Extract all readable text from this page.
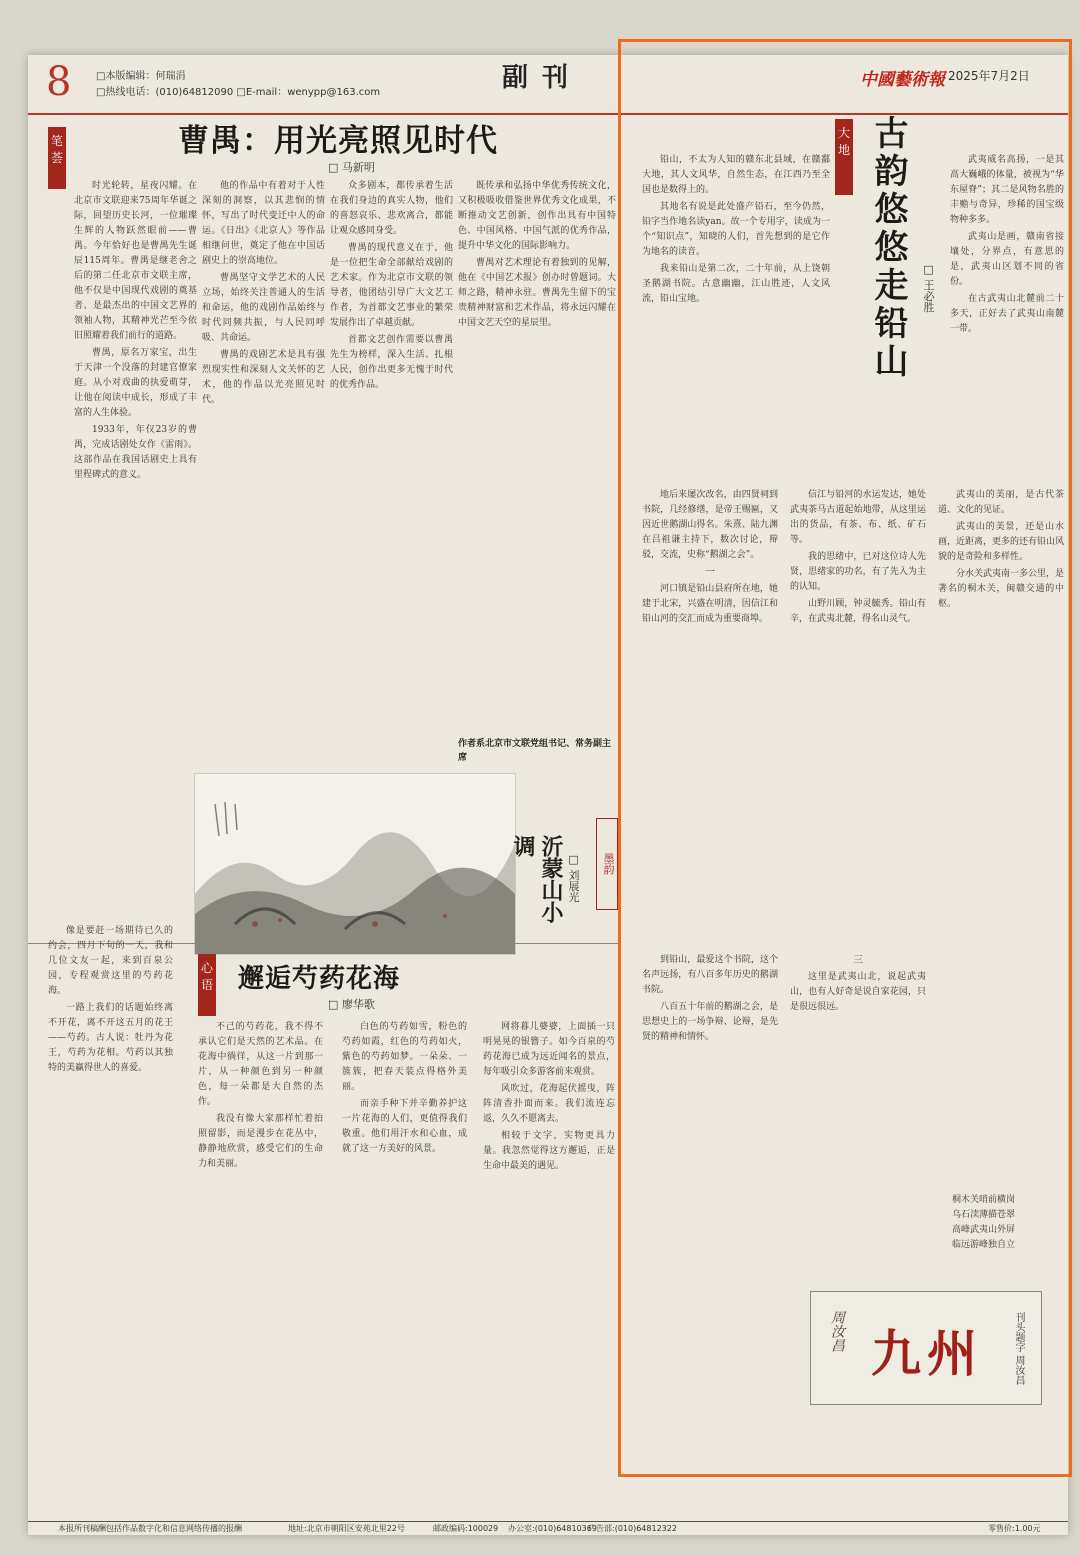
8 □本版编辑：何瑞涓
□热线电话：(010)64812090 □E-mail：wenypp@163.com	副刊	中國藝術報 2025年7月2日
笔荟	曹禺：用光亮照见时代
□ 马新明

时光轮转，星夜闪耀。在北京市文联迎来75周年华诞之际，回望历史长河，一位璀璨生辉的人物跃然眼前——曹禺。今年恰好也是曹禺先生诞辰115周年。曹禺是继老舍之后的第二任北京市文联主席，他不仅是中国现代戏剧的奠基者、是最杰出的中国文艺界的领袖人物，其精神光芒至今依旧照耀着我们前行的道路。

曹禺，原名万家宝，出生于天津一个没落的封建官僚家庭。从小对戏曲的执爱萌芽，让他在阅读中成长，形成了丰富的人生体验。

1933年，年仅23岁的曹禺，完成话剧处女作《雷雨》。这部作品在我国话剧史上具有里程碑式的意义。

他的作品中有着对于人性深刻的洞察，以其悲悯的情怀，写出了时代变迁中人的命运。《日出》《北京人》等作品相继问世，奠定了他在中国话剧史上的崇高地位。

曹禺坚守文学艺术的人民立场，始终关注普通人的生活和命运，他的戏剧作品始终与时代同频共振，与人民同呼吸、共命运。

曹禺的戏剧艺术是具有强烈现实性和深刻人文关怀的艺术，他的作品以光亮照见时代。

众多剧本，都传承着生活在我们身边的真实人物，他们的喜怒哀乐、悲欢离合，都能让观众感同身受。

曹禺的现代意义在于，他是一位把生命全部献给戏剧的艺术家。作为北京市文联的领导者，他团结引导广大文艺工作者，为首都文艺事业的繁荣发展作出了卓越贡献。

首都文艺创作需要以曹禺先生为榜样，深入生活、扎根人民，创作出更多无愧于时代的优秀作品。

既传承和弘扬中华优秀传统文化，又积极吸收借鉴世界优秀文化成果，不断推动文艺创新，创作出具有中国特色、中国风格、中国气派的优秀作品，提升中华文化的国际影响力。

曹禺对艺术理论有着独到的见解，他在《中国艺术报》创办时曾题词。大师之路，精神永驻。曹禺先生留下的宝贵精神财富和艺术作品，将永远闪耀在中国文艺天空的星辰里。

作者系北京市文联党组书记、常务副主席
沂蒙山小调
□ 刘展光	墨韵
心语 邂逅芍药花海
□ 廖华歌

像是要赶一场期待已久的约会，四月下旬的一天，我和几位文友一起，来到百泉公园，专程观赏这里的芍药花海。

一路上我们的话题始终离不开花，离不开这五月的花王——芍药。古人说：牡丹为花王，芍药为花相。芍药以其独特的美赢得世人的喜爱。

不己的芍药花，我不得不承认它们是天然的艺术品。在花海中徜徉，从这一片到那一片，从一种颜色到另一种颜色，每一朵都是大自然的杰作。

我没有像大家那样忙着拍照留影，而是漫步在花丛中，静静地欣赏，感受它们的生命力和美丽。

白色的芍药如雪，粉色的芍药如霞，红色的芍药如火，紫色的芍药如梦。一朵朵、一簇簇，把春天装点得格外美丽。

而亲手种下并辛勤养护这一片花海的人们，更值得我们敬重。他们用汗水和心血，成就了这一方美好的风景。

网将暮儿婆婆，上面插一只明晃晃的银簪子。如今百泉的芍药花海已成为远近闻名的景点，每年吸引众多游客前来观赏。

风吹过，花海起伏摇曳，阵阵清香扑面而来。我们流连忘返，久久不愿离去。

相较于文字，实物更具力量。我忽然觉得这方邂逅，正是生命中最美的遇见。

铅山，不太为人知的赣东北县域，在赣鄱大地，其人文风华，自然生态，在江西乃至全国也是数得上的。

其地名有说是此处盛产铅石，至今仍然，铅字当作地名读yan。故一个专用字，读成为一个“知识点”，知晓的人们，首先想到的是它作为地名的读音。

我来铅山是第二次，二十年前，从上饶朝圣鹅湖书院。古意幽幽，江山胜迹，人文风流，铅山宝地。

大地 古韵悠悠走铅山 □ 王必胜

武夷威名高扬，一是其高大巍峨的体量，被视为“华东屋脊”；其二是风物名胜的丰赡与奇异，珍稀的国宝级物种多多。

武夷山是画，赣南省接壤处，分界点，有意思的是，武夷山区划不同的省份。

在古武夷山北麓前二十多天，正好去了武夷山南麓一带。

地后来屡次改名，由四贤祠到书院，几经修缮，是帝王赐匾，又因近世鹅湖山得名。朱熹、陆九渊在吕祖谦主持下，数次讨论，辩驳，交流，史称“鹅湖之会”。

一

河口镇是铅山县府所在地，她建于北宋，兴盛在明清，因信江和铅山河的交汇而成为重要商埠。

信江与铅河的水运发达，她处武夷茶马古道起始地带，从这里运出的货品，有茶、布、纸、矿石等。

我的思绪中，已对这位诗人先贤，思绪家的功名，有了先入为主的认知。

山野川顾，钟灵毓秀。铅山有辛，在武夷北麓，得名山灵气。

武夷山的美丽，是古代茶道、文化的见证。

武夷山的美景，还是山水画，近距离，更多的还有铅山风貌的是奇险和多样性。

分水关武夷南一多公里，是著名的桐木关，闽赣交通的中枢。

到铅山，最爱这个书院，这个名声远扬，有八百多年历史的鹅湖书院。

八百五十年前的鹅湖之会，是思想史上的一场争辩、论辩，是先贤的精神和情怀。

三

这里是武夷山北，说起武夷山，也有人好奇是说自家花园，只是很远很远。

桐木关哨前横岗
乌石渎薄描苍翠
高峰武夷山外屏
临远游峰独自立
周汝昌 九州	刊头题字 周汝昌
本报所刊稿酬包括作品数字化和信息网络传播的报酬	地址:北京市朝阳区安苑北里22号	邮政编码:100029 办公室:(010)64810369
广告部:(010)64812322	零售价:1.00元
